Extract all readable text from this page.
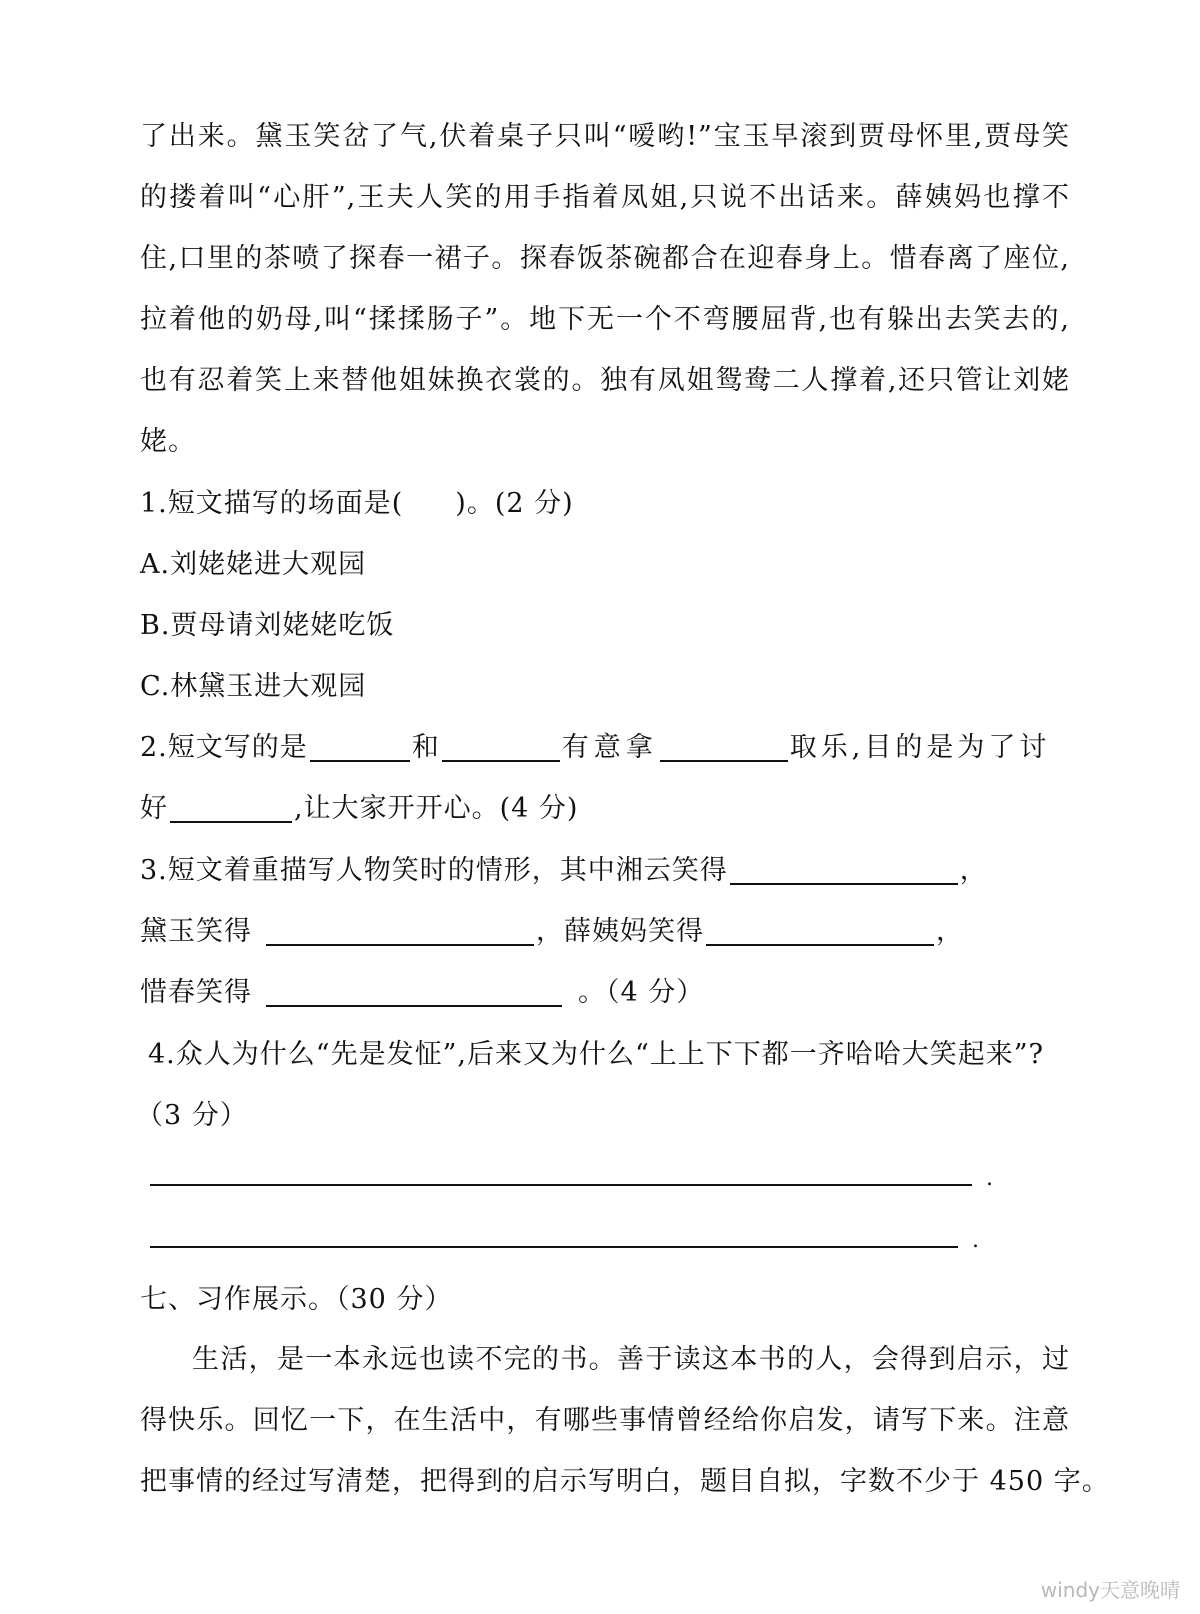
了出来。黛玉笑岔了气,伏着桌子只叫“嗳哟!”宝玉早滚到贾母怀里,贾母笑
的搂着叫“心肝”,王夫人笑的用手指着凤姐,只说不出话来。薛姨妈也撑不
住,口里的茶喷了探春一裙子。探春饭茶碗都合在迎春身上。惜春离了座位,
拉着他的奶母,叫“揉揉肠子”。地下无一个不弯腰屈背,也有躲出去笑去的,
也有忍着笑上来替他姐妹换衣裳的。独有凤姐鸳鸯二人撑着,还只管让刘姥
姥。
1.短文描写的场面是( )。(2 分)
A.刘姥姥进大观园
B.贾母请刘姥姥吃饭
C.林黛玉进大观园
2.短文写的是	和	有意拿	取乐,目的是为了讨
好	,让大家开开心。(4 分)
3.短文着重描写人物笑时的情形，其中湘云笑得	，
黛玉笑得	，薛姨妈笑得	，
惜春笑得	。（4 分）
4.众人为什么“先是发怔”,后来又为什么“上上下下都一齐哈哈大笑起来”?
（3 分）
.
.
七、习作展示。（30 分）
生活，是一本永远也读不完的书。善于读这本书的人，会得到启示，过
得快乐。回忆一下，在生活中，有哪些事情曾经给你启发，请写下来。注意
把事情的经过写清楚，把得到的启示写明白，题目自拟，字数不少于 450 字。
windy天意晚晴
